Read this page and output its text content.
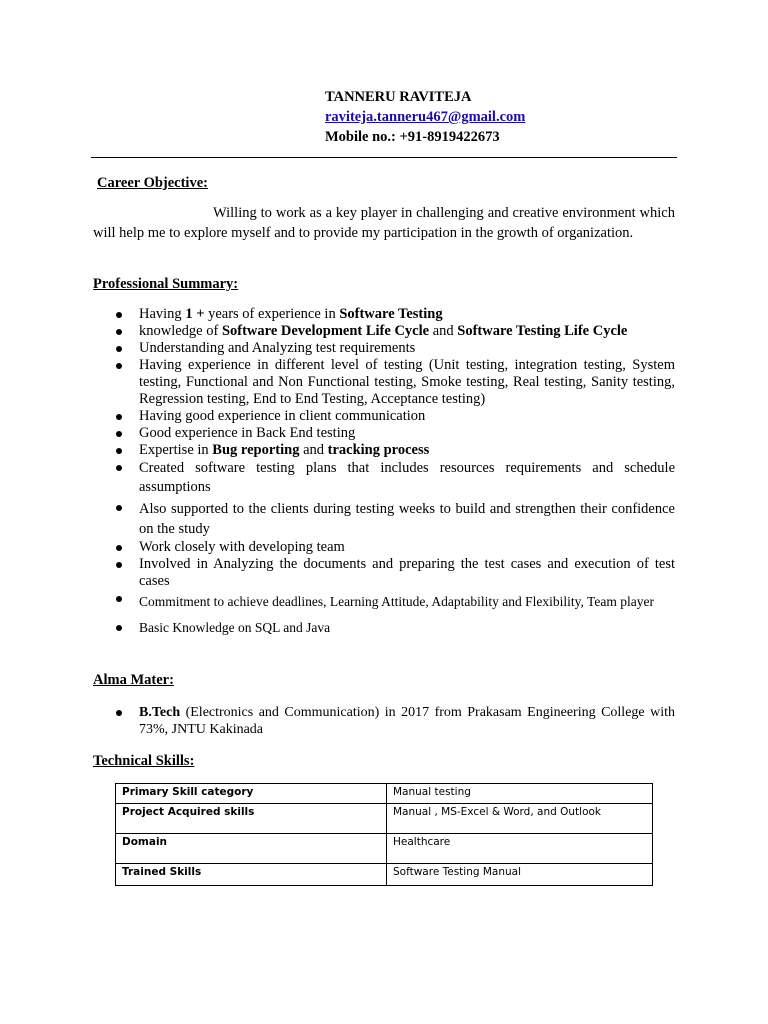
TANNERU RAVITEJA
raviteja.tanneru467@gmail.com
Mobile no.: +91-8919422673
Career Objective:
Willing to work as a key player in challenging and creative environment which will help me to explore myself and to provide my participation in the growth of organization.
Professional Summary:
Having 1 + years of experience in Software Testing
knowledge of Software Development Life Cycle and Software Testing Life Cycle
Understanding and Analyzing test requirements
Having experience in different level of testing (Unit testing, integration testing, System testing, Functional and Non Functional testing, Smoke testing, Real testing, Sanity testing, Regression testing, End to End Testing, Acceptance testing)
Having good experience in client communication
Good experience in Back End testing
Expertise in Bug reporting and tracking process
Created software testing plans that includes resources requirements and schedule assumptions
Also supported to the clients during testing weeks to build and strengthen their confidence on the study
Work closely with developing team
Involved in Analyzing the documents and preparing the test cases and execution of test cases
Commitment to achieve deadlines, Learning Attitude, Adaptability and Flexibility, Team player
Basic Knowledge on SQL and Java
Alma Mater:
B.Tech (Electronics and Communication) in 2017 from Prakasam Engineering College with 73%, JNTU Kakinada
Technical Skills:
Primary Skill category	Manual testing
Project Acquired skills	Manual , MS-Excel & Word, and Outlook
Domain	Healthcare
Trained Skills	Software Testing Manual
